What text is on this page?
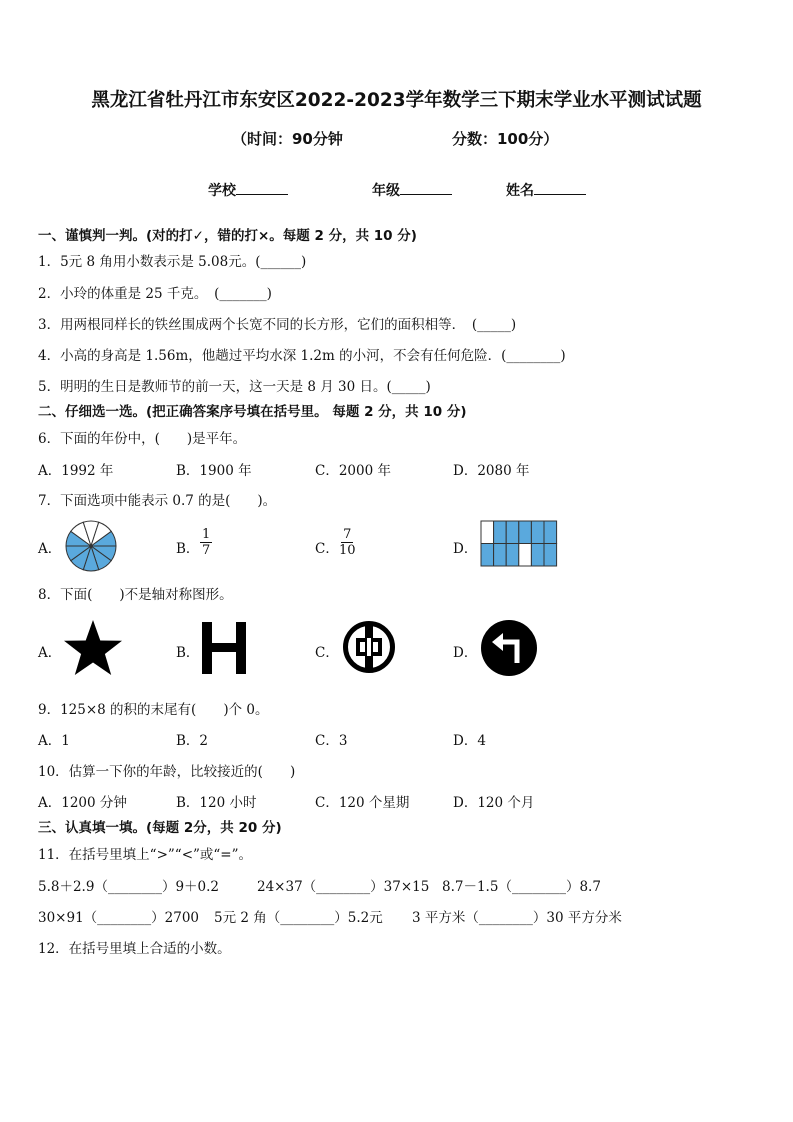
黑龙江省牡丹江市东安区2022-2023学年数学三下期末学业水平测试试题
（时间：90分钟	分数：100分）
学校	年级	姓名
一、谨慎判一判。(对的打✓，错的打×。每题 2 分，共 10 分)
1．5元 8 角用小数表示是 5.08元。(______)
2．小玲的体重是 25 千克。　(_______)
3．用两根同样长的铁丝围成两个长宽不同的长方形，它们的面积相等．　(_____)
4．小高的身高是 1.56m，他趟过平均水深 1.2m 的小河，不会有任何危险．(________)
5．明明的生日是教师节的前一天，这一天是 8 月 30 日。(_____)
二、仔细选一选。(把正确答案序号填在括号里。 每题 2 分，共 10 分)
6．下面的年份中，(　　)是平年。
A．1992 年	B．1900 年	C．2000 年	D．2080 年
7．下面选项中能表示 0.7 的是(　　)。
A．	B． $\frac{1}{7}$	C． $\frac{7}{10}$	D．
8．下面(　　)不是轴对称图形。
A．	B．	C．	D．
9．125×8 的积的末尾有(　　)个 0。
A．1	B．2	C．3	D．4
10．估算一下你的年龄，比较接近的(　　)
A．1200 分钟	B．120 小时	C．120 个星期	D．120 个月
三、认真填一填。(每题 2分，共 20 分)
11．在括号里填上“>”“<”或“=”。
5.8＋2.9（________）9＋0.2	24×37（________）37×15 8.7－1.5（________）8.7
30×91（________）2700 5元 2 角（________）5.2元 3 平方米（________）30 平方分米
12．在括号里填上合适的小数。
